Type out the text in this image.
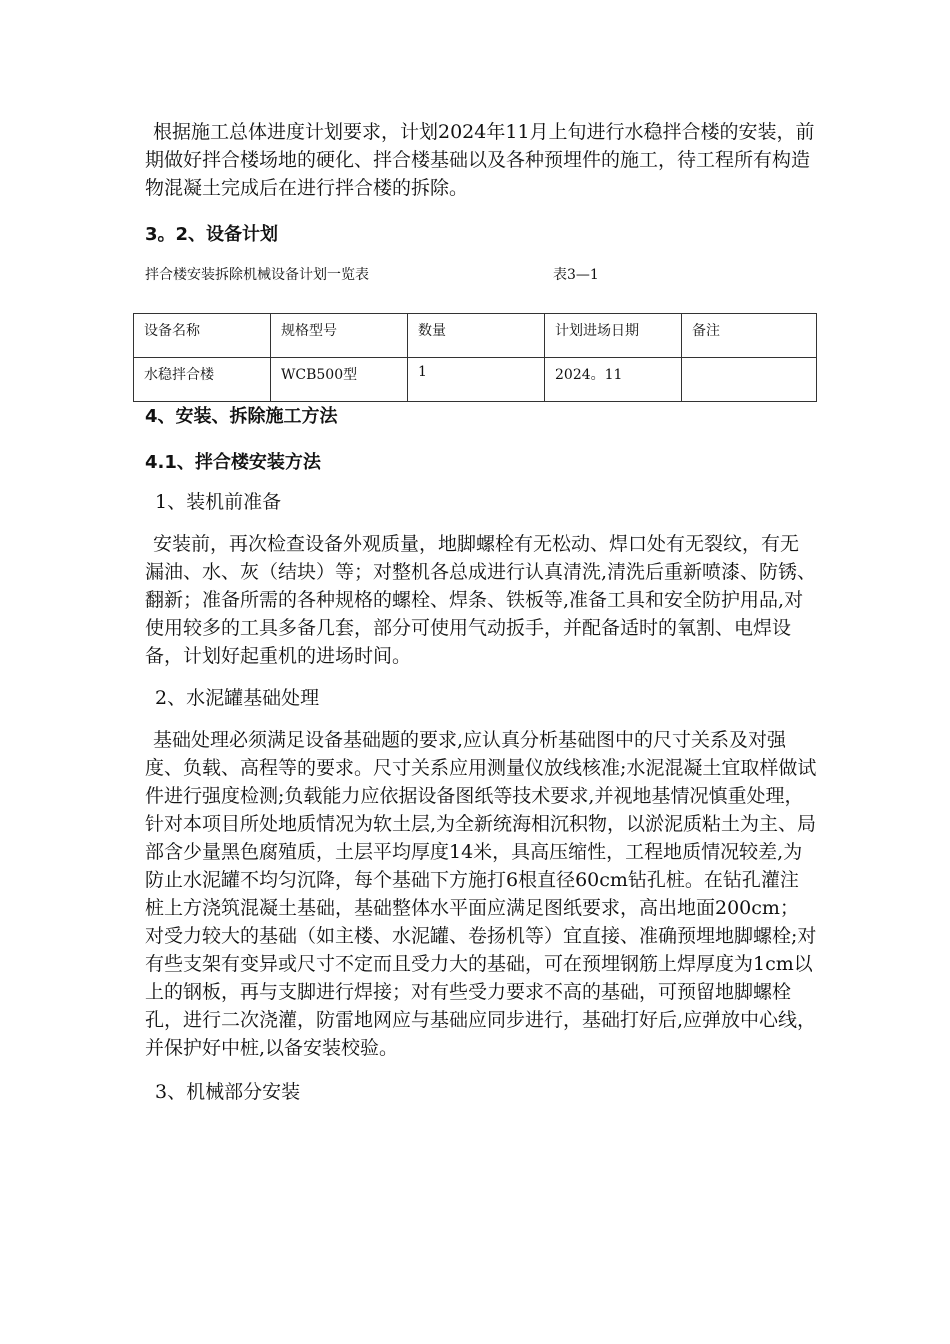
根据施工总体进度计划要求，计划2024年11月上旬进行水稳拌合楼的安装，前期做好拌合楼场地的硬化、拌合楼基础以及各种预埋件的施工，待工程所有构造物混凝土完成后在进行拌合楼的拆除。

3。2、设备计划

拌合楼安装拆除机械设备计划一览表	表3—1
设备名称	规格型号	数量	计划进场日期	备注
水稳拌合楼	WCB500型	1	2024。11	

4、安装、拆除施工方法

4.1、拌合楼安装方法

1、装机前准备

安装前，再次检查设备外观质量，地脚螺栓有无松动、焊口处有无裂纹，有无漏油、水、灰（结块）等；对整机各总成进行认真清洗,清洗后重新喷漆、防锈、翻新；准备所需的各种规格的螺栓、焊条、铁板等,准备工具和安全防护用品,对使用较多的工具多备几套，部分可使用气动扳手，并配备适时的氧割、电焊设备，计划好起重机的进场时间。

2、水泥罐基础处理

基础处理必须满足设备基础题的要求,应认真分析基础图中的尺寸关系及对强度、负载、高程等的要求。尺寸关系应用测量仪放线核准;水泥混凝土宜取样做试件进行强度检测;负载能力应依据设备图纸等技术要求,并视地基情况慎重处理，针对本项目所处地质情况为软土层,为全新统海相沉积物，以淤泥质粘土为主、局部含少量黑色腐殖质，土层平均厚度14米，具高压缩性，工程地质情况较差,为防止水泥罐不均匀沉降，每个基础下方施打6根直径60cm钻孔桩。在钻孔灌注桩上方浇筑混凝土基础，基础整体水平面应满足图纸要求，高出地面200cm；对受力较大的基础（如主楼、水泥罐、卷扬机等）宜直接、准确预埋地脚螺栓;对有些支架有变异或尺寸不定而且受力大的基础，可在预埋钢筋上焊厚度为1cm以上的钢板，再与支脚进行焊接；对有些受力要求不高的基础，可预留地脚螺栓孔，进行二次浇灌，防雷地网应与基础应同步进行，基础打好后,应弹放中心线，并保护好中桩,以备安装校验。

3、机械部分安装
